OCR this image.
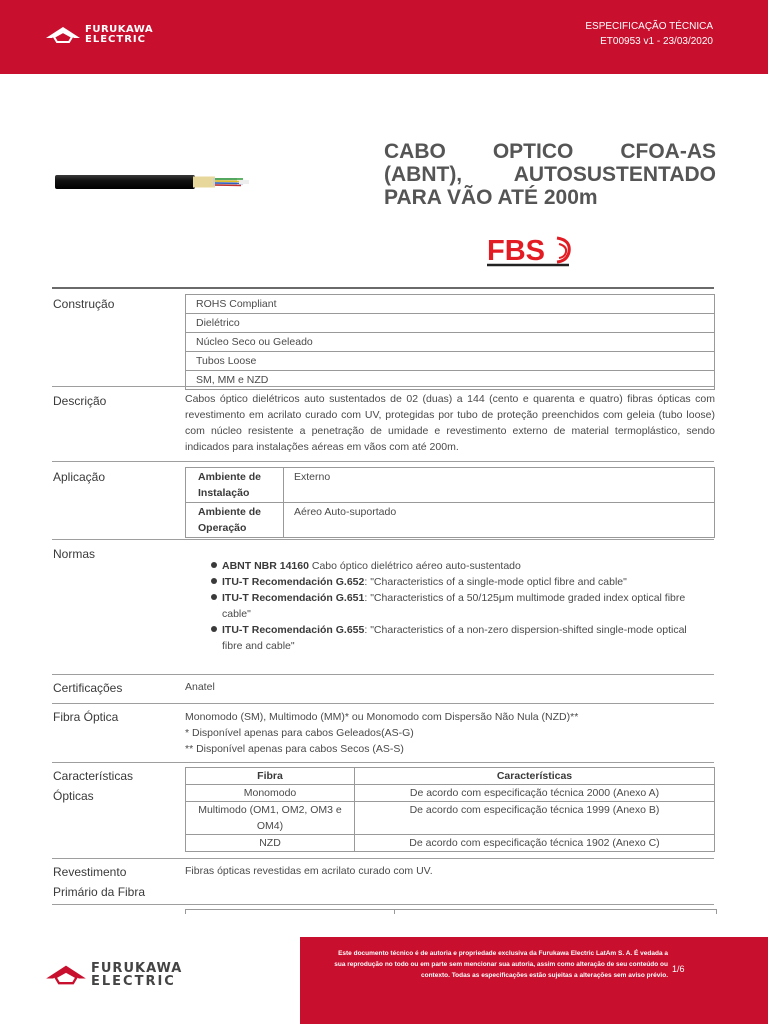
FURUKAWA
ELECTRIC
ESPECIFICAÇÃO TÉCNICA
ET00953 v1 - 23/03/2020
CABO OPTICO CFOA-AS (ABNT), AUTOSUSTENTADO PARA VÃO ATÉ 200m
FBS
Construção	ROHS Compliant
Dielétrico
Núcleo Seco ou Geleado
Tubos Loose
SM, MM e NZD
Descrição	Cabos óptico dielétricos auto sustentados de 02 (duas) a 144 (cento e quarenta e quatro) fibras ópticas com revestimento em acrilato curado com UV, protegidas por tubo de proteção preenchidos com geleia (tubo loose) com núcleo resistente a penetração de umidade e revestimento externo de material termoplástico, sendo indicados para instalações aéreas em vãos com até 200m.
Aplicação	Ambiente de Instalação	Externo
Ambiente de Operação	Aéreo Auto-suportado
Normas
ABNT NBR 14160 Cabo óptico dielétrico aéreo auto-sustentado
ITU-T Recomendación G.652: "Characteristics of a single-mode opticl fibre and cable"
ITU-T Recomendación G.651: "Characteristics of a 50/125μm multimode graded index optical fibre cable"
ITU-T Recomendación G.655: "Characteristics of a non-zero dispersion-shifted single-mode optical fibre and cable"
Certificações	Anatel
Fibra Óptica	Monomodo (SM), Multimodo (MM)* ou Monomodo com Dispersão Não Nula (NZD)**
* Disponível apenas para cabos Geleados(AS-G)
** Disponível apenas para cabos Secos (AS-S)
Características
Ópticas
Fibra	Características
Monomodo	De acordo com especificação técnica 2000 (Anexo A)
Multimodo (OM1, OM2, OM3 e OM4)	De acordo com especificação técnica 1999 (Anexo B)
NZD	De acordo com especificação técnica 1902 (Anexo C)
Revestimento
Primário da Fibra
Fibras ópticas revestidas em acrilato curado com UV.
FURUKAWA
ELECTRIC
Este documento técnico é de autoria e propriedade exclusiva da Furukawa Electric LatAm S. A. É vedada a sua reprodução no todo ou em parte sem mencionar sua autoria, assim como alteração de seu conteúdo ou contexto. Todas as especificações estão sujeitas a alterações sem aviso prévio.
1/6
